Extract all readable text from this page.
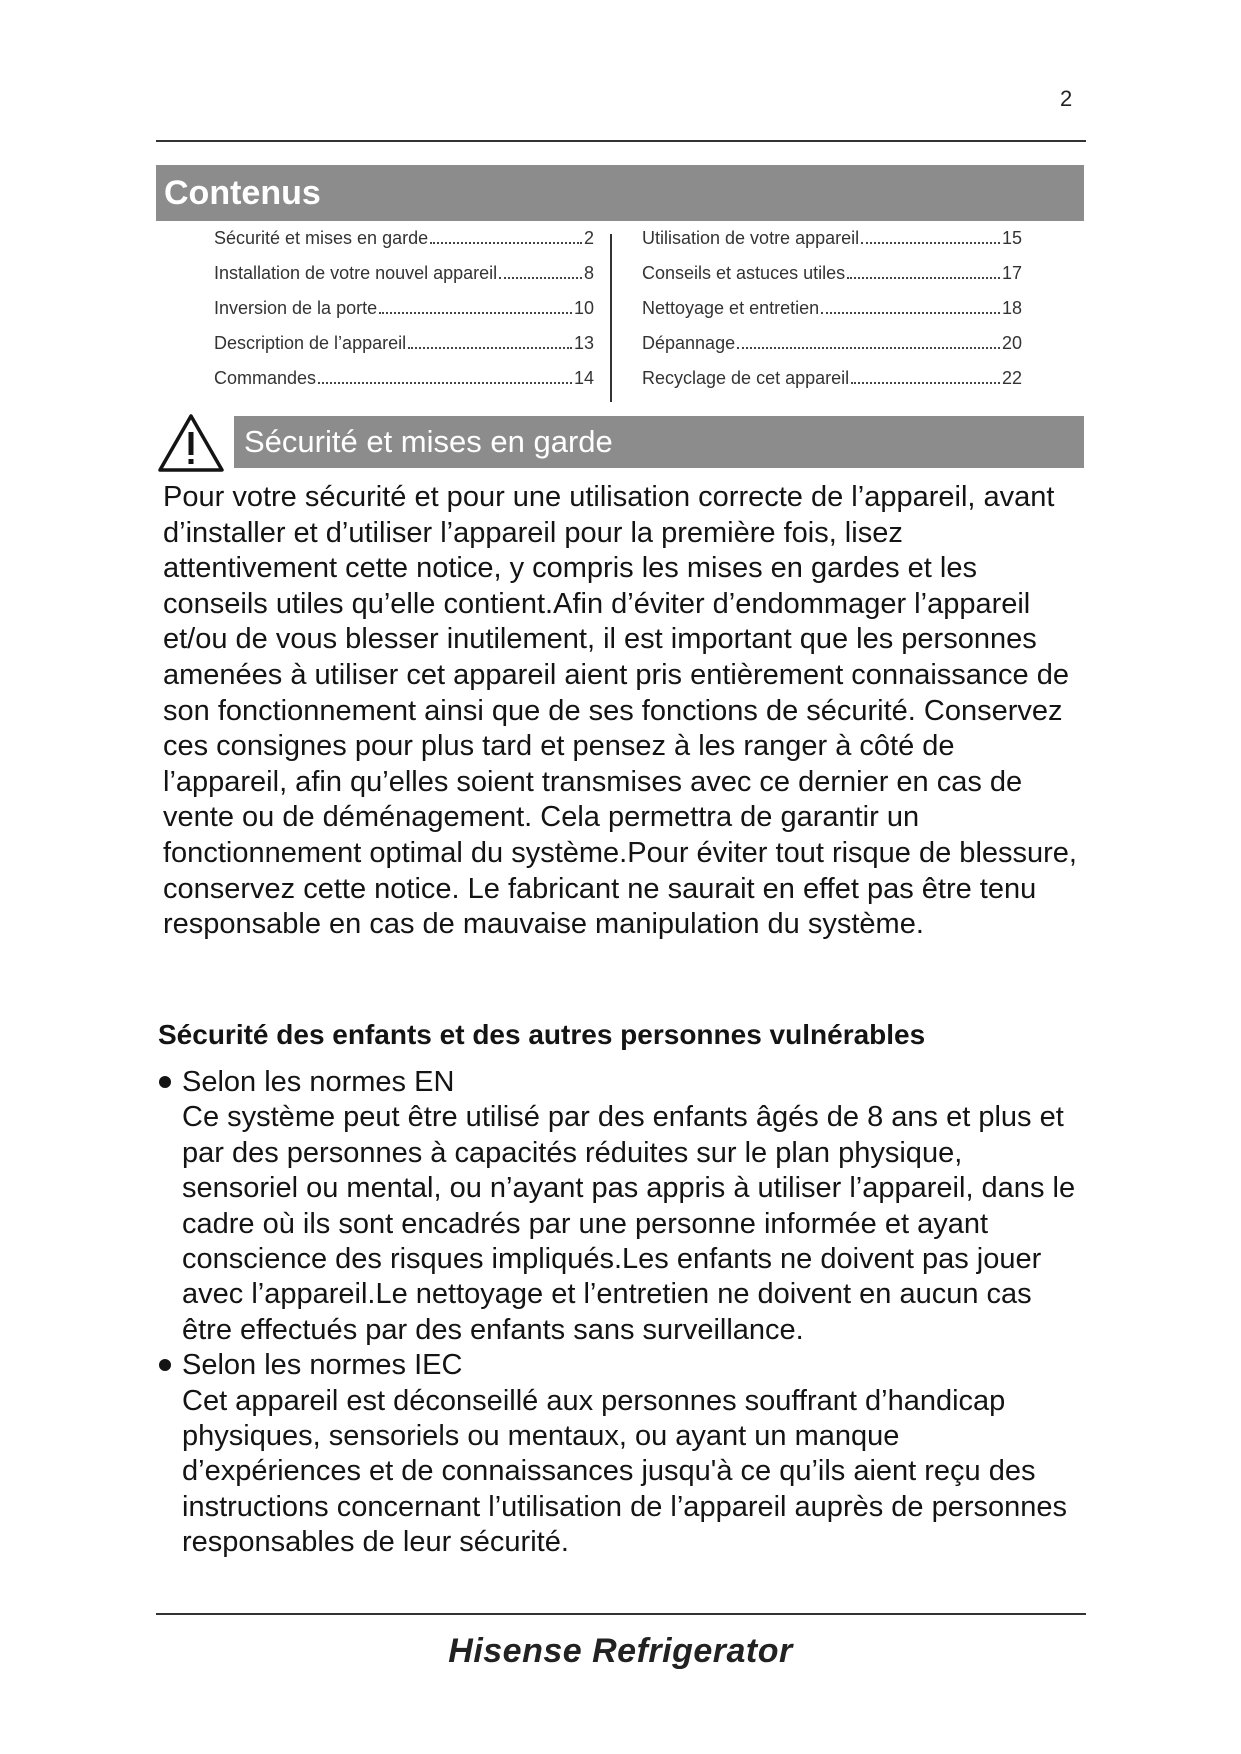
2
Contenus
Sécurité et mises en garde	2
Installation de votre nouvel appareil	8
Inversion de la porte	10
Description de l’appareil	13
Commandes	14
Utilisation de votre appareil	15
Conseils et astuces utiles	17
Nettoyage et entretien	18
Dépannage	20
Recyclage de cet appareil	22
Sécurité et mises en garde

Pour votre sécurité et pour une utilisation correcte de l’appareil, avant d’installer et d’utiliser l’appareil pour la première fois, lisez attentivement cette notice, y compris les mises en gardes et les conseils utiles qu’elle contient.Afin d’éviter d’endommager l’appareil et/ou de vous blesser inutilement, il est important que les personnes amenées à utiliser cet appareil aient pris entièrement connaissance de son fonctionnement ainsi que de ses fonctions de sécurité. Conservez ces consignes pour plus tard et pensez à les ranger à côté de l’appareil, afin qu’elles soient transmises avec ce dernier en cas de vente ou de déménagement. Cela permettra de garantir un fonctionnement optimal du système.Pour éviter tout risque de blessure, conservez cette notice. Le fabricant ne saurait en effet pas être tenu responsable en cas de mauvaise manipulation du système.

Sécurité des enfants et des autres personnes vulnérables
Selon les normes EN
Ce système peut être utilisé par des enfants âgés de 8 ans et plus et par des personnes à capacités réduites sur le plan physique, sensoriel ou mental, ou n’ayant pas appris à utiliser l’appareil, dans le cadre où ils sont encadrés par une personne informée et ayant conscience des risques impliqués.Les enfants ne doivent pas jouer avec l’appareil.Le nettoyage et l’entretien ne doivent en aucun cas être effectués par des enfants sans surveillance.
Selon les normes IEC
Cet appareil est déconseillé aux personnes souffrant d’handicap physiques, sensoriels ou mentaux, ou ayant un manque d’expériences et de connaissances jusqu'à ce qu’ils aient reçu des instructions concernant l’utilisation de l’appareil auprès de personnes responsables de leur sécurité.
Hisense Refrigerator
